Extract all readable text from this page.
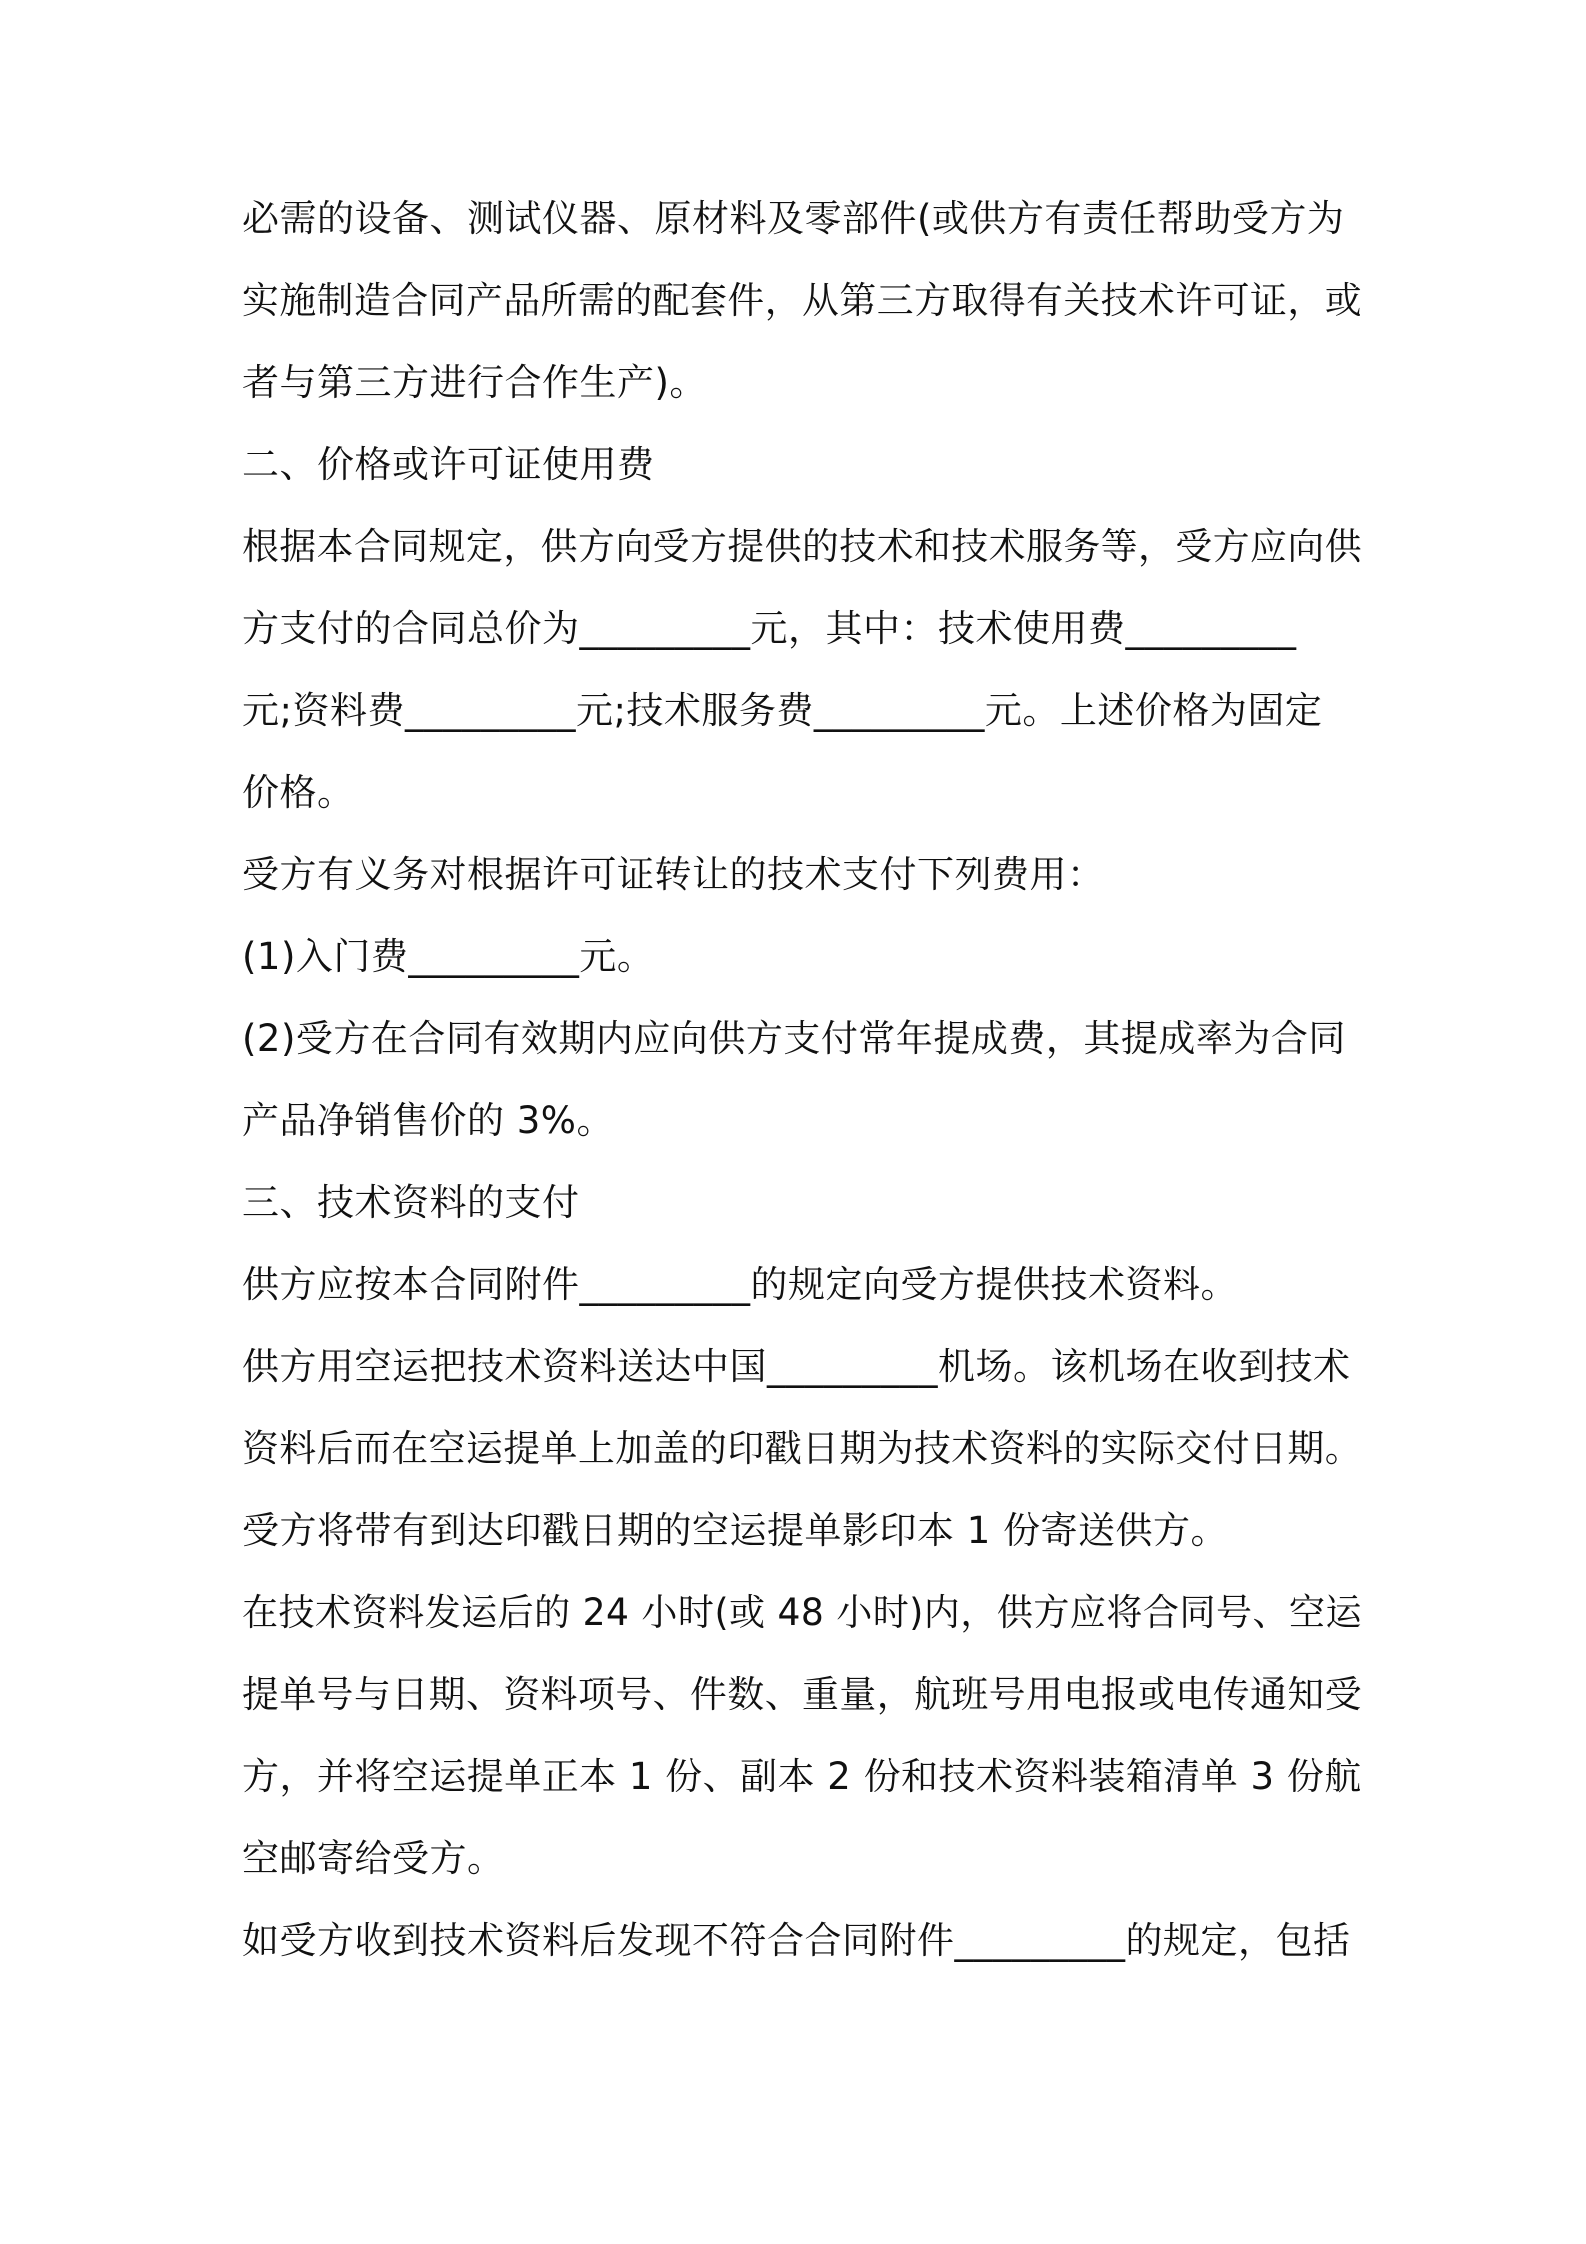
必需的设备、测试仪器、原材料及零部件(或供方有责任帮助受方为
实施制造合同产品所需的配套件，从第三方取得有关技术许可证，或
者与第三方进行合作生产)。
二、价格或许可证使用费
根据本合同规定，供方向受方提供的技术和技术服务等，受方应向供
方支付的合同总价为_________元，其中：技术使用费_________
元;资料费_________元;技术服务费_________元。上述价格为固定
价格。
受方有义务对根据许可证转让的技术支付下列费用：
(1)入门费_________元。
(2)受方在合同有效期内应向供方支付常年提成费，其提成率为合同
产品净销售价的 3%。
三、技术资料的支付
供方应按本合同附件_________的规定向受方提供技术资料。
供方用空运把技术资料送达中国_________机场。该机场在收到技术
资料后而在空运提单上加盖的印戳日期为技术资料的实际交付日期。
受方将带有到达印戳日期的空运提单影印本 1 份寄送供方。
在技术资料发运后的 24 小时(或 48 小时)内，供方应将合同号、空运
提单号与日期、资料项号、件数、重量，航班号用电报或电传通知受
方，并将空运提单正本 1 份、副本 2 份和技术资料装箱清单 3 份航
空邮寄给受方。
如受方收到技术资料后发现不符合合同附件_________的规定，包括
